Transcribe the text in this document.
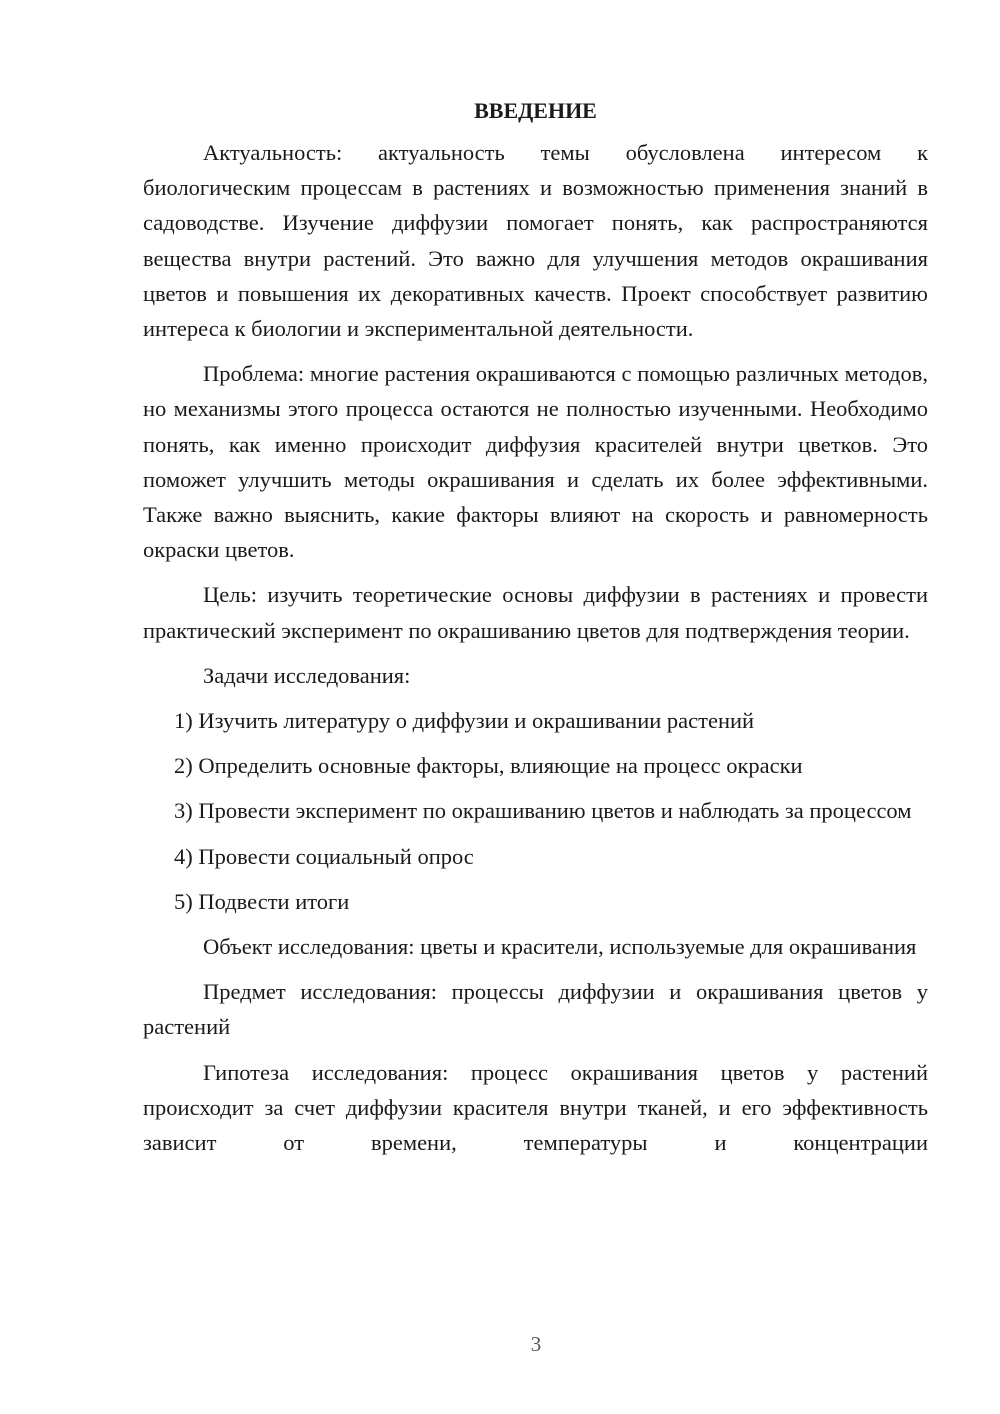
ВВЕДЕНИЕ

Актуальность: актуальность темы обусловлена интересом к биологическим процессам в растениях и возможностью применения знаний в садоводстве. Изучение диффузии помогает понять, как распространяются вещества внутри растений. Это важно для улучшения методов окрашивания цветов и повышения их декоративных качеств. Проект способствует развитию интереса к биологии и экспериментальной деятельности.

Проблема: многие растения окрашиваются с помощью различных методов, но механизмы этого процесса остаются не полностью изученными. Необходимо понять, как именно происходит диффузия красителей внутри цветков. Это поможет улучшить методы окрашивания и сделать их более эффективными. Также важно выяснить, какие факторы влияют на скорость и равномерность окраски цветов.

Цель: изучить теоретические основы диффузии в растениях и провести практический эксперимент по окрашиванию цветов для подтверждения теории.

Задачи исследования:

1) Изучить литературу о диффузии и окрашивании растений

2) Определить основные факторы, влияющие на процесс окраски

3) Провести эксперимент по окрашиванию цветов и наблюдать за процессом

4) Провести социальный опрос

5) Подвести итоги

Объект исследования: цветы и красители, используемые для окрашивания

Предмет исследования: процессы диффузии и окрашивания цветов у растений

Гипотеза исследования: процесс окрашивания цветов у растений происходит за счет диффузии красителя внутри тканей, и его эффективность зависит от времени, температуры и концентрации

3
